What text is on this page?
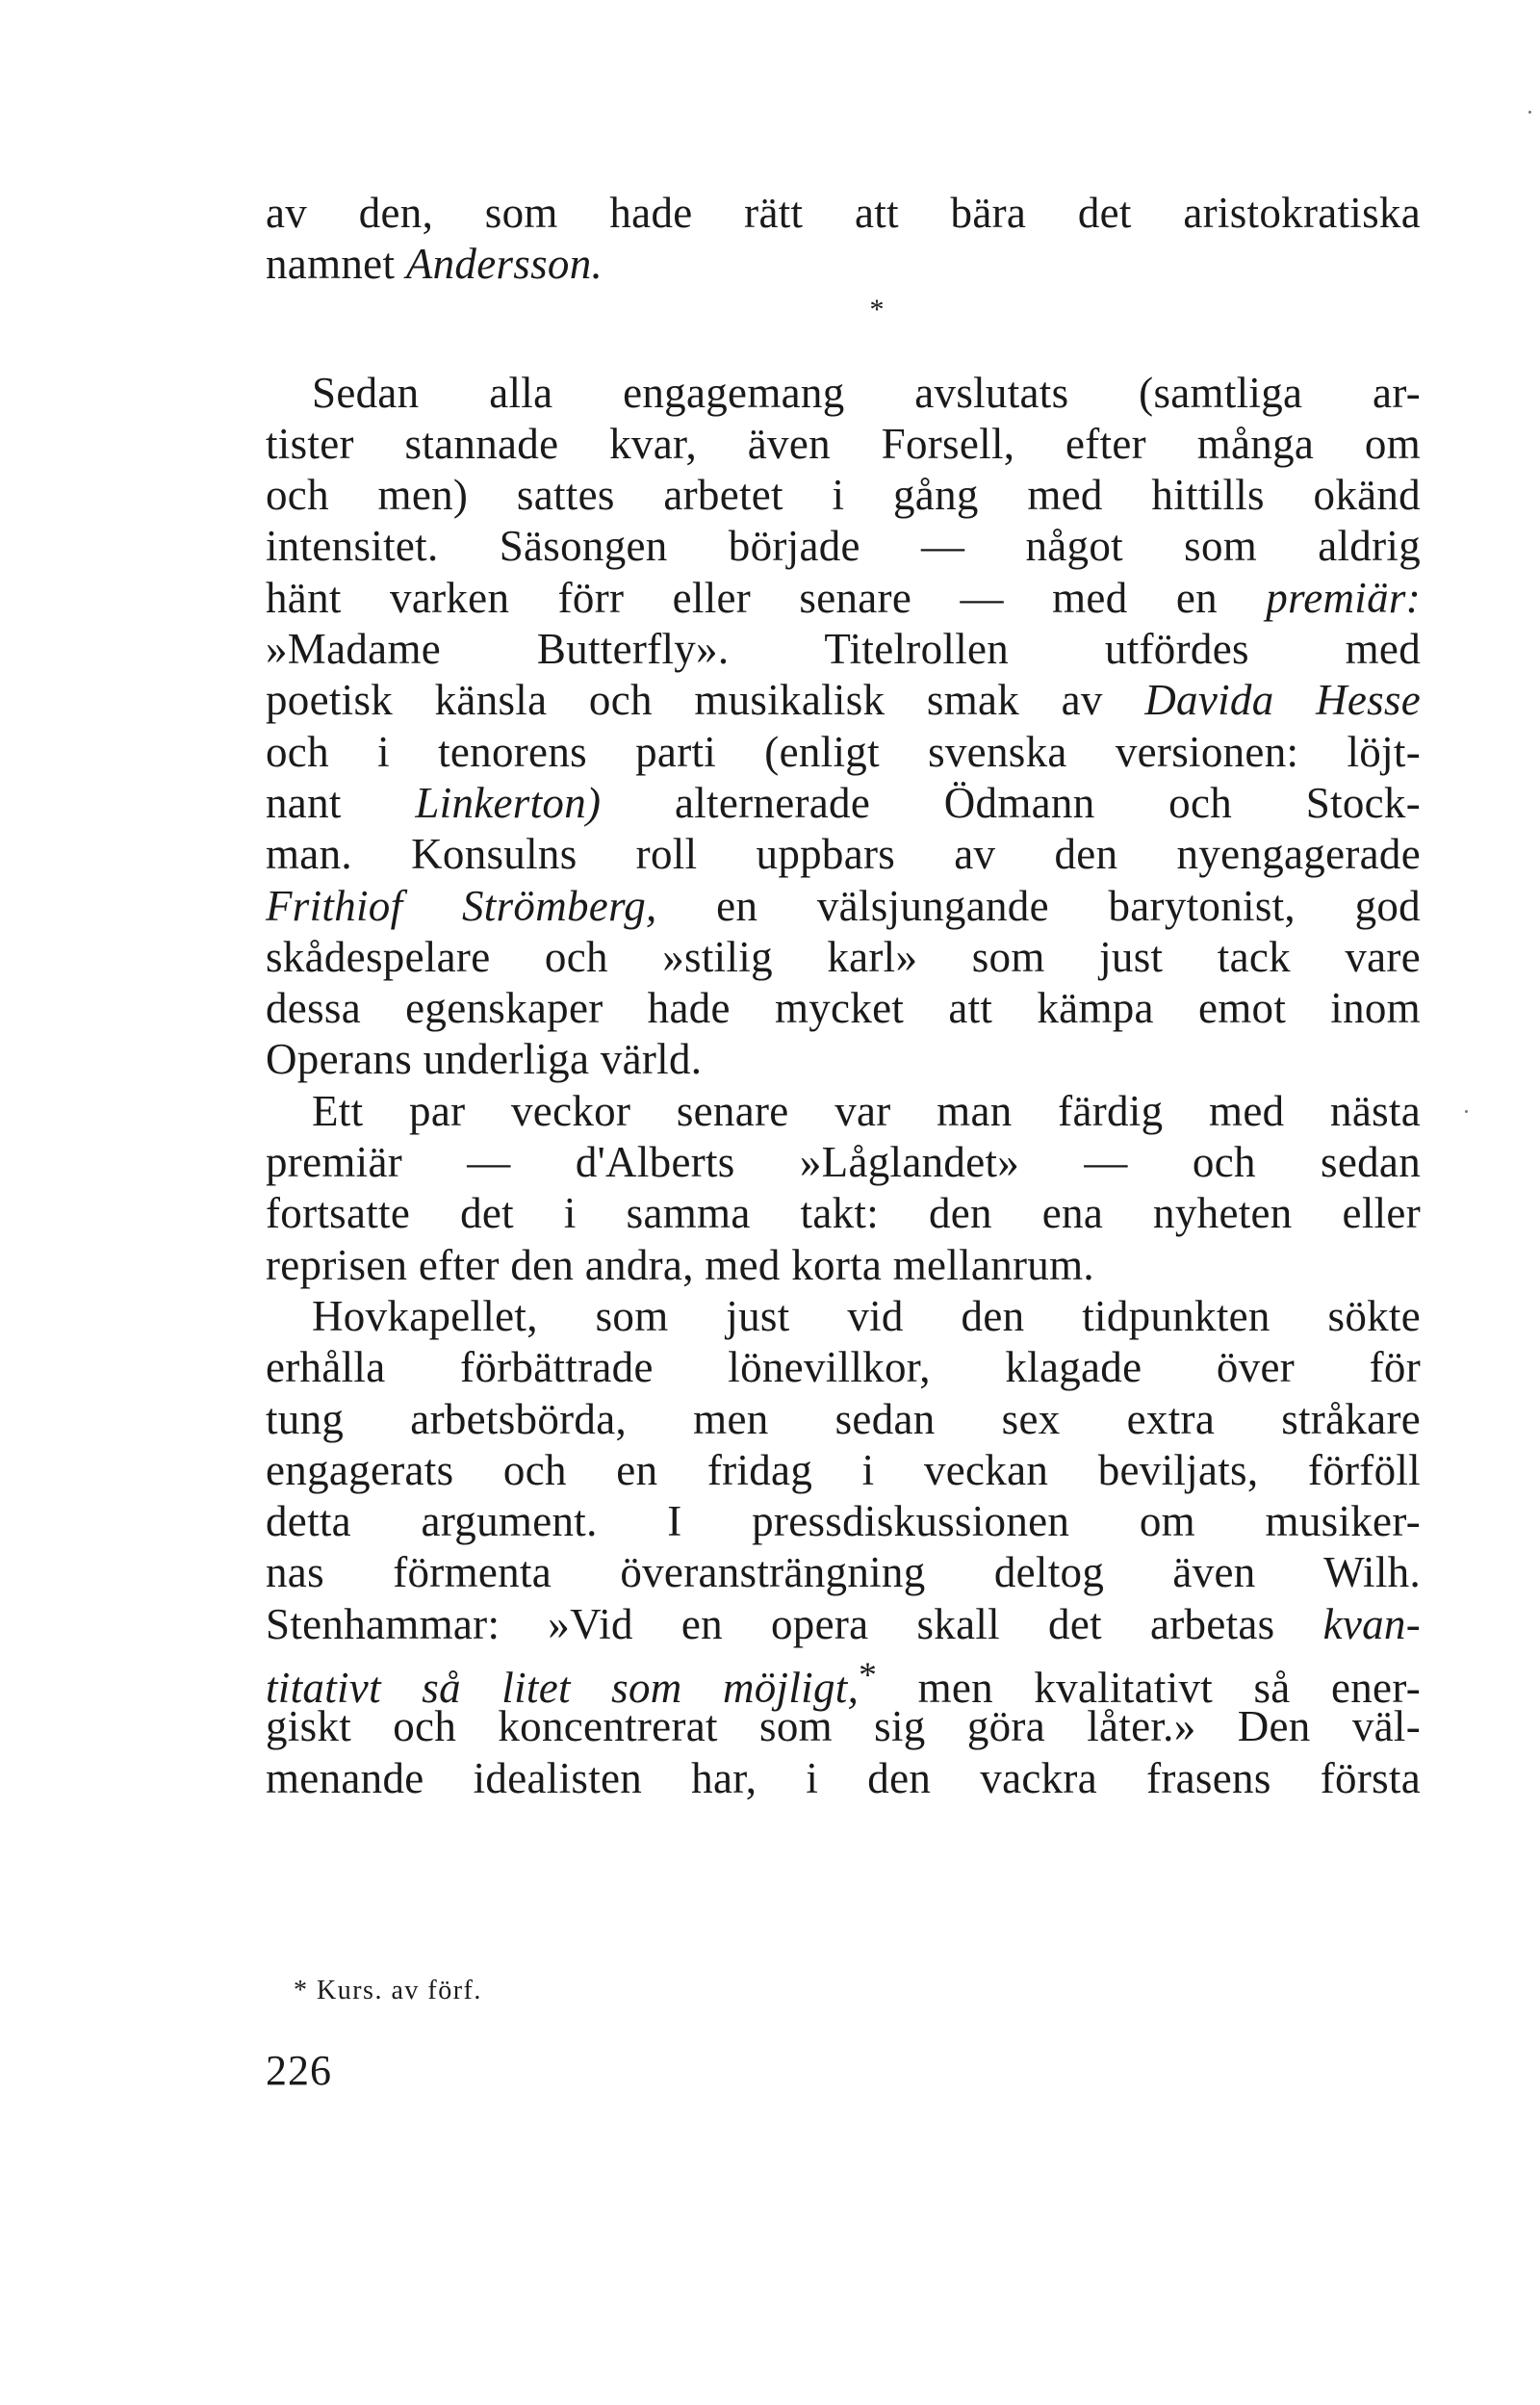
av den, som hade rätt att bära det aristokratiska
namnet Andersson.
*
Sedan alla engagemang avslutats (samtliga ar-
tister stannade kvar, även Forsell, efter många om
och men) sattes arbetet i gång med hittills okänd
intensitet. Säsongen började — något som aldrig
hänt varken förr eller senare — med en premiär:
»Madame Butterfly». Titelrollen utfördes med
poetisk känsla och musikalisk smak av Davida Hesse
och i tenorens parti (enligt svenska versionen: löjt-
nant Linkerton) alternerade Ödmann och Stock-
man. Konsulns roll uppbars av den nyengagerade
Frithiof Strömberg, en välsjungande barytonist, god
skådespelare och »stilig karl» som just tack vare
dessa egenskaper hade mycket att kämpa emot inom
Operans underliga värld.
Ett par veckor senare var man färdig med nästa
premiär — d'Alberts »Låglandet» — och sedan
fortsatte det i samma takt: den ena nyheten eller
reprisen efter den andra, med korta mellanrum.
Hovkapellet, som just vid den tidpunkten sökte
erhålla förbättrade lönevillkor, klagade över för
tung arbetsbörda, men sedan sex extra stråkare
engagerats och en fridag i veckan beviljats, förföll
detta argument. I pressdiskussionen om musiker-
nas förmenta överansträngning deltog även Wilh.
Stenhammar: »Vid en opera skall det arbetas kvan-
titativt så litet som möjligt,* men kvalitativt så ener-
giskt och koncentrerat som sig göra låter.» Den väl-
menande idealisten har, i den vackra frasens första
* Kurs. av förf.
226
